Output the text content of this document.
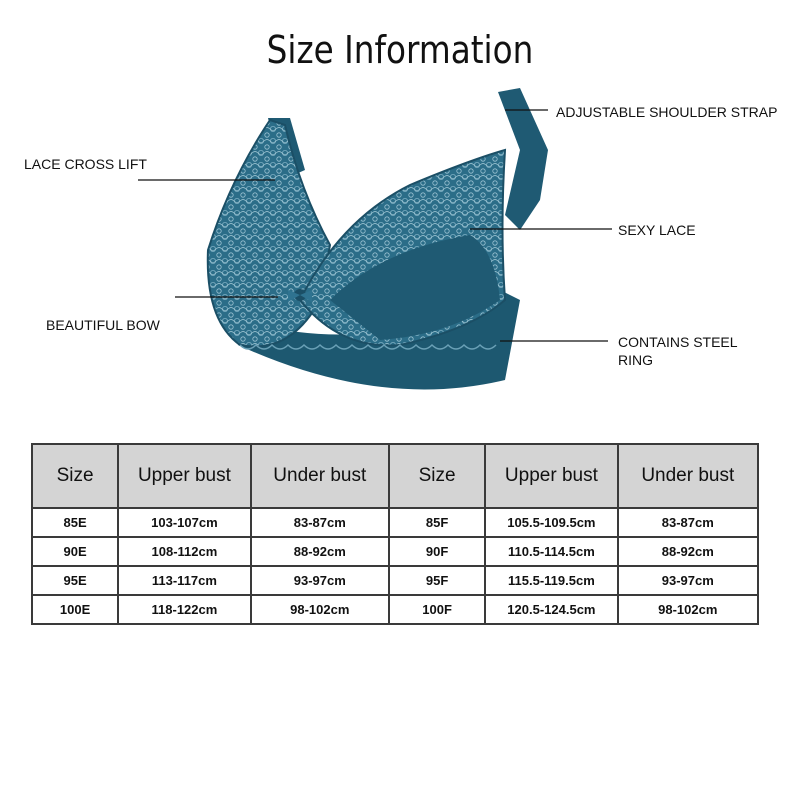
Size Information
LACE CROSS LIFT
BEAUTIFUL BOW
ADJUSTABLE SHOULDER STRAP
SEXY LACE
CONTAINS STEEL
RING
Size	Upper bust	Under bust	Size	Upper bust	Under bust
85E	103-107cm	83-87cm	85F	105.5-109.5cm	83-87cm
90E	108-112cm	88-92cm	90F	110.5-114.5cm	88-92cm
95E	113-117cm	93-97cm	95F	115.5-119.5cm	93-97cm
100E	118-122cm	98-102cm	100F	120.5-124.5cm	98-102cm
